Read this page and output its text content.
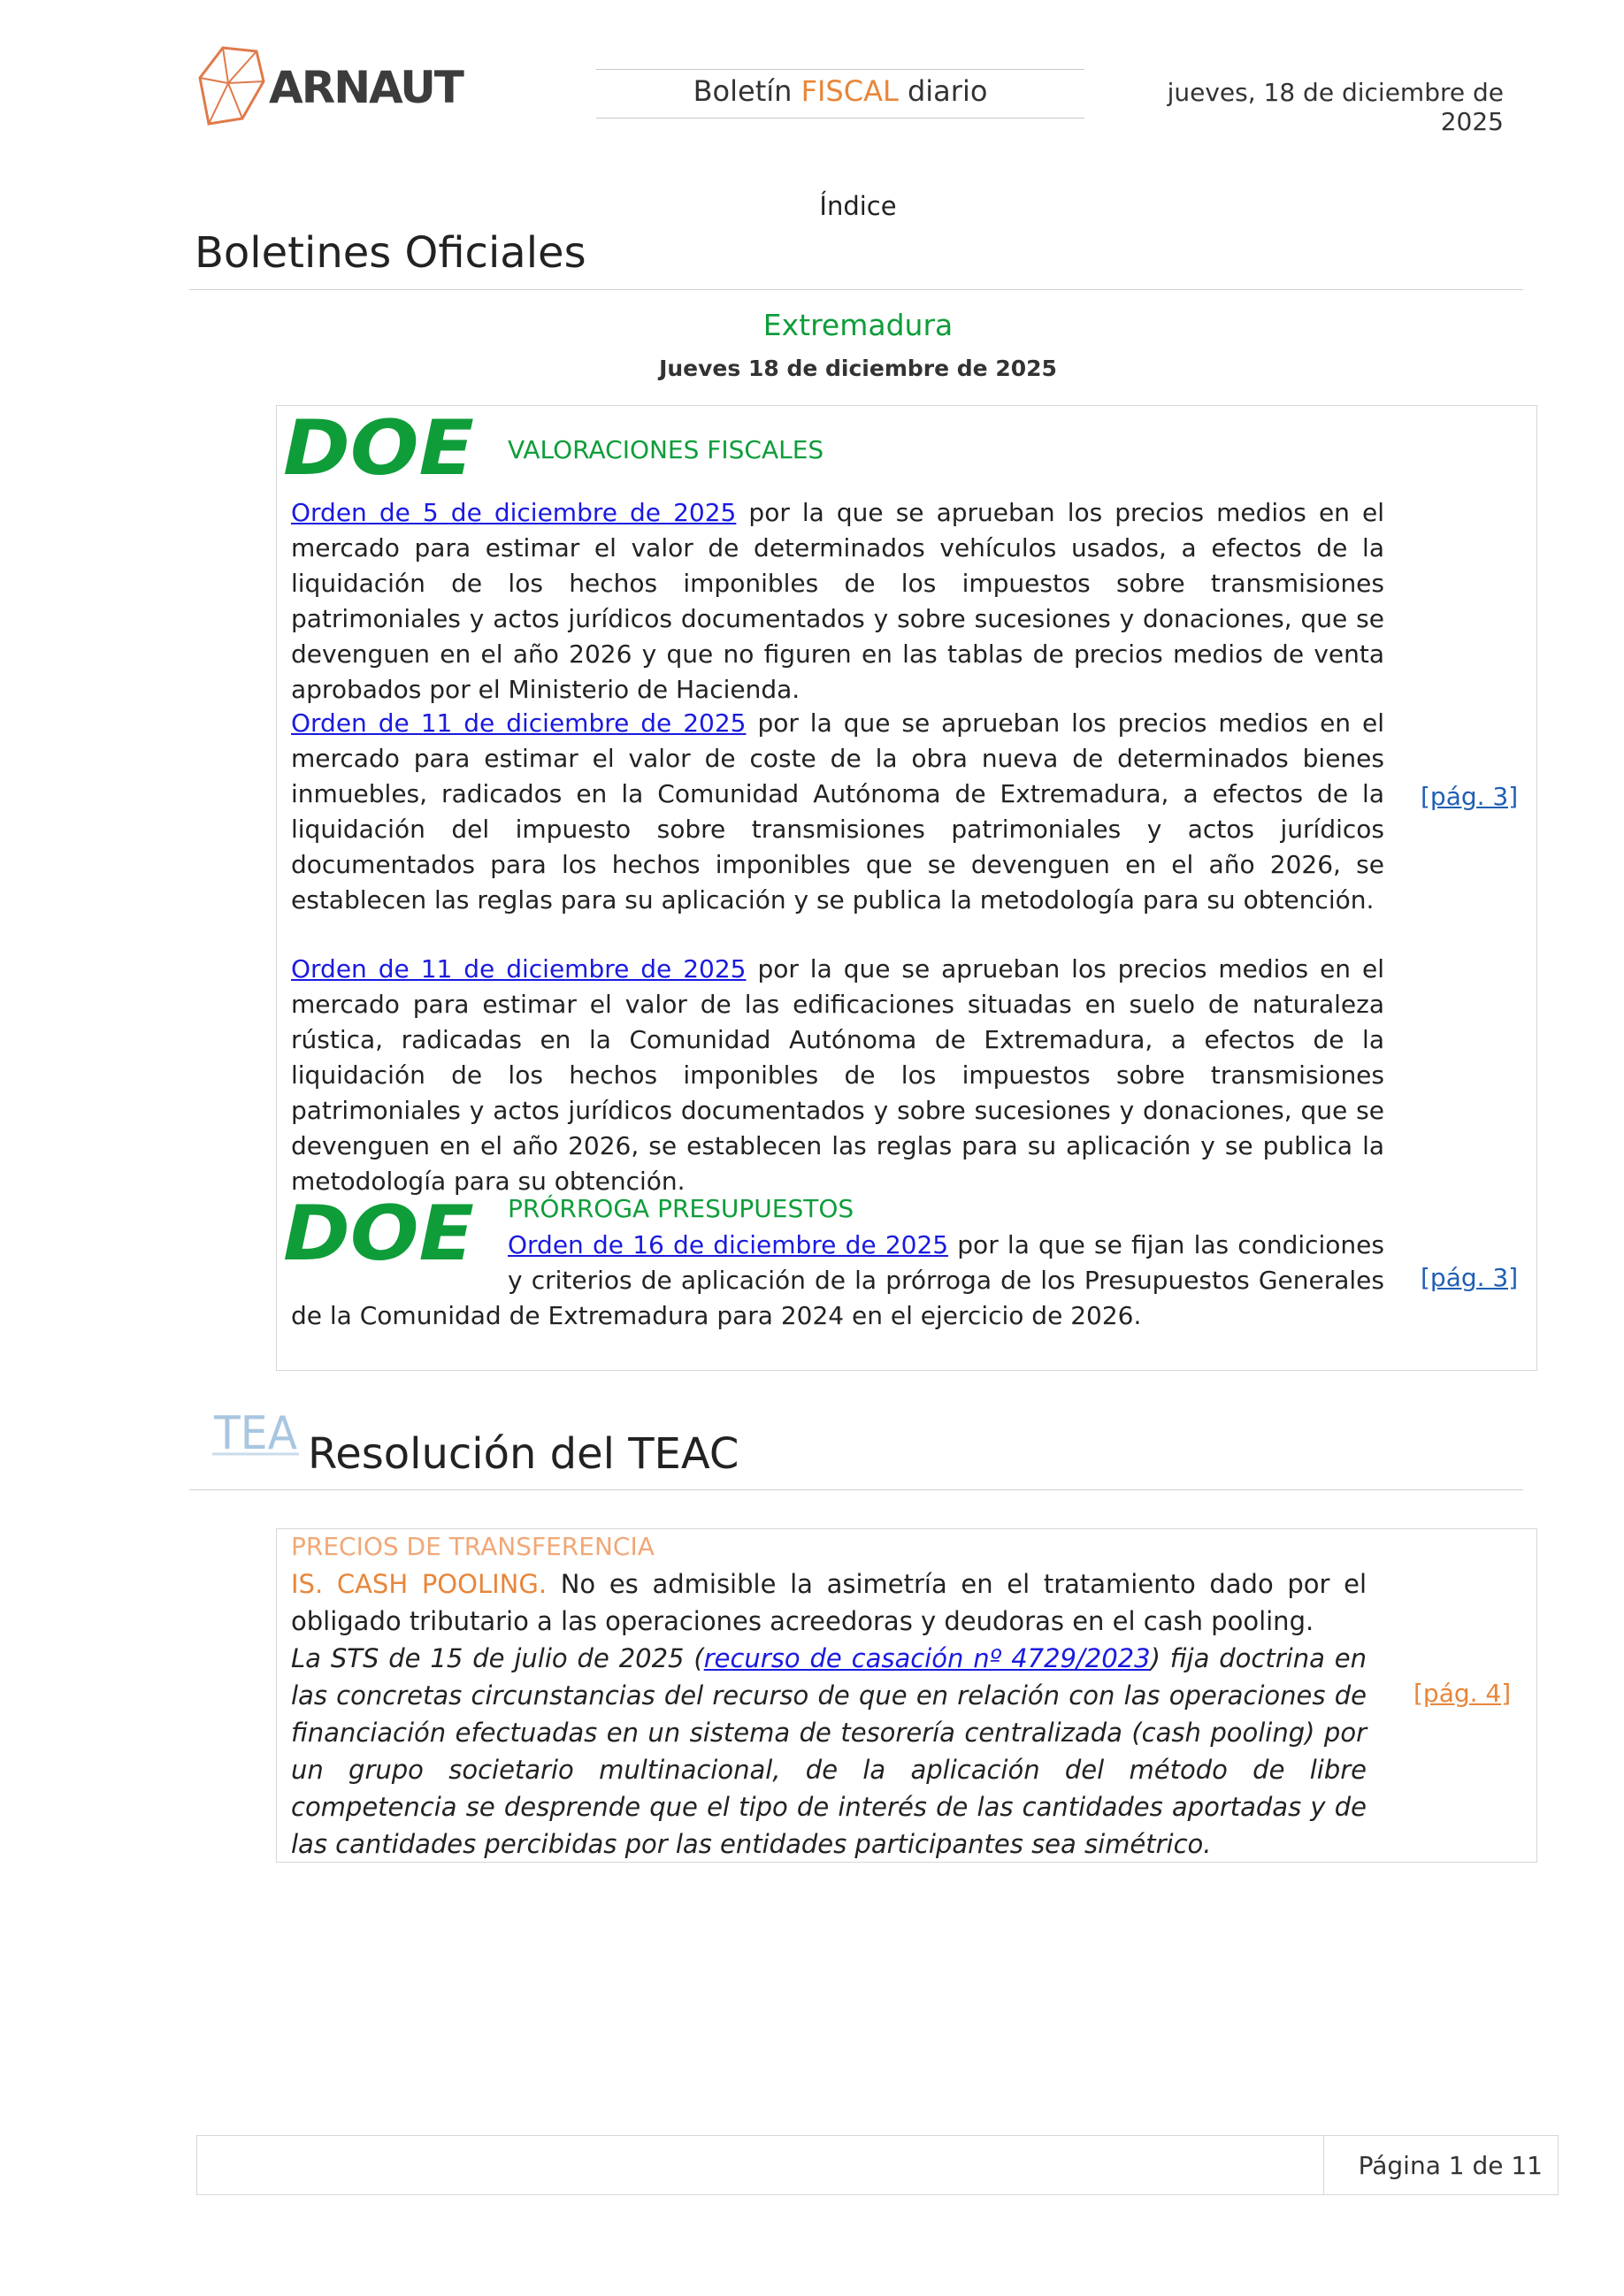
ARNAUT	Boletín FISCAL diario	jueves, 18 de diciembre de 2025
Índice
Boletines Oficiales
Extremadura
Jueves 18 de diciembre de 2025
DOE VALORACIONES FISCALES
Orden de 5 de diciembre de 2025 por la que se aprueban los precios medios en el mercado para estimar el valor de determinados vehículos usados, a efectos de la liquidación de los hechos imponibles de los impuestos sobre transmisiones patrimoniales y actos jurídicos documentados y sobre sucesiones y donaciones, que se devenguen en el año 2026 y que no figuren en las tablas de precios medios de venta aprobados por el Ministerio de Hacienda.
Orden de 11 de diciembre de 2025 por la que se aprueban los precios medios en el mercado para estimar el valor de coste de la obra nueva de determinados bienes inmuebles, radicados en la Comunidad Autónoma de Extremadura, a efectos de la liquidación del impuesto sobre transmisiones patrimoniales y actos jurídicos documentados para los hechos imponibles que se devenguen en el año 2026, se establecen las reglas para su aplicación y se publica la metodología para su obtención.
[pág. 3]
Orden de 11 de diciembre de 2025 por la que se aprueban los precios medios en el mercado para estimar el valor de las edificaciones situadas en suelo de naturaleza rústica, radicadas en la Comunidad Autónoma de Extremadura, a efectos de la liquidación de los hechos imponibles de los impuestos sobre transmisiones patrimoniales y actos jurídicos documentados y sobre sucesiones y donaciones, que se devenguen en el año 2026, se establecen las reglas para su aplicación y se publica la metodología para su obtención.
DOE PRÓRROGA PRESUPUESTOS
Orden de 16 de diciembre de 2025 por la que se fijan las condiciones y criterios de aplicación de la prórroga de los Presupuestos Generales de la Comunidad de Extremadura para 2024 en el ejercicio de 2026.
[pág. 3]
TEA Resolución del TEAC
PRECIOS DE TRANSFERENCIA
IS. CASH POOLING. No es admisible la asimetría en el tratamiento dado por el obligado tributario a las operaciones acreedoras y deudoras en el cash pooling.
La STS de 15 de julio de 2025 (recurso de casación nº 4729/2023) fija doctrina en las concretas circunstancias del recurso de que en relación con las operaciones de financiación efectuadas en un sistema de tesorería centralizada (cash pooling) por un grupo societario multinacional, de la aplicación del método de libre competencia se desprende que el tipo de interés de las cantidades aportadas y de las cantidades percibidas por las entidades participantes sea simétrico.
[pág. 4]
Página 1 de 11
